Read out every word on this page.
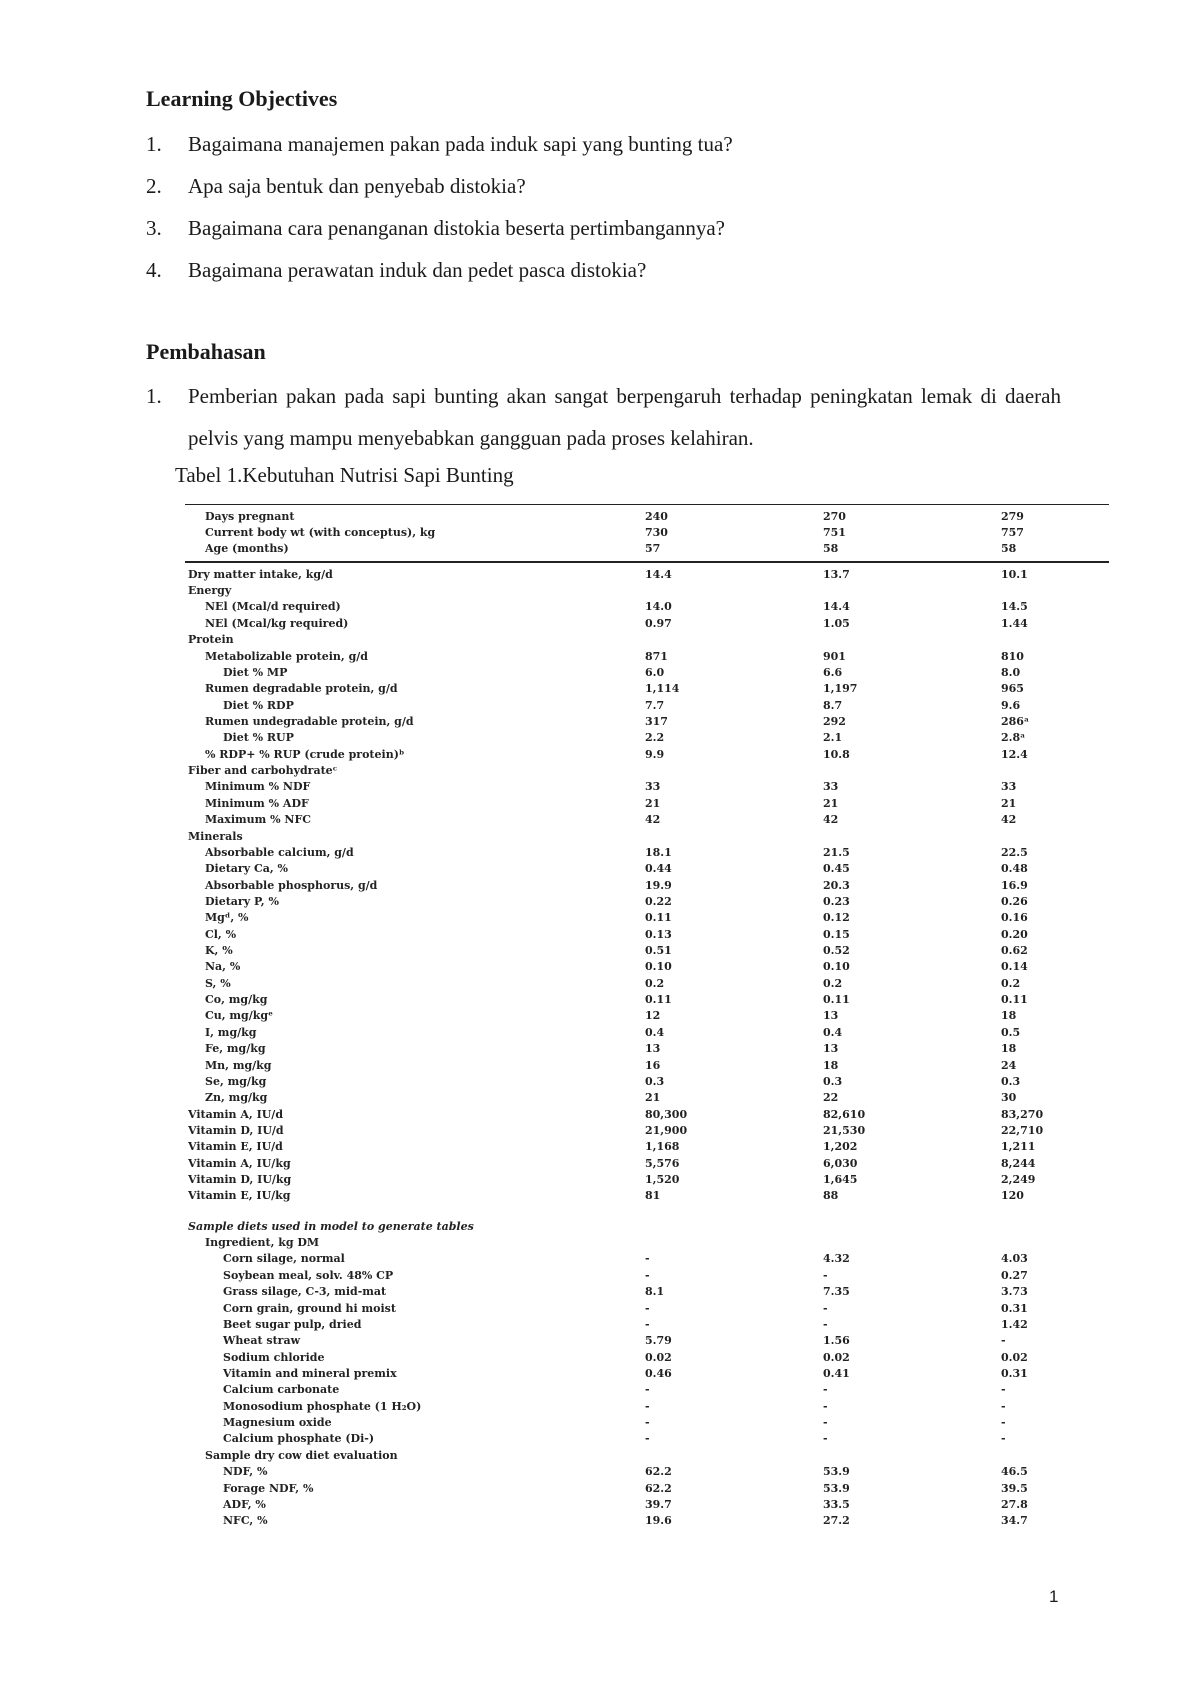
Learning Objectives
1.	Bagaimana manajemen pakan pada induk sapi yang bunting tua?
2.	Apa saja bentuk dan penyebab distokia?
3.	Bagaimana cara penanganan distokia beserta pertimbangannya?
4.	Bagaimana perawatan induk dan pedet pasca distokia?
Pembahasan
1.	Pemberian pakan pada sapi bunting akan sangat berpengaruh terhadap peningkatan lemak di daerah pelvis yang mampu menyebabkan gangguan pada proses kelahiran.
Tabel 1.Kebutuhan Nutrisi Sapi Bunting
Days pregnant	240	270	279
Current body wt (with conceptus), kg	730	751	757
Age (months)	57	58	58
Dry matter intake, kg/d	14.4	13.7	10.1
Energy			
NEl (Mcal/d required)	14.0	14.4	14.5
NEl (Mcal/kg required)	0.97	1.05	1.44
Protein			
Metabolizable protein, g/d	871	901	810
Diet % MP	6.0	6.6	8.0
Rumen degradable protein, g/d	1,114	1,197	965
Diet % RDP	7.7	8.7	9.6
Rumen undegradable protein, g/d	317	292	286ᵃ
Diet % RUP	2.2	2.1	2.8ᵃ
% RDP+ % RUP (crude protein)ᵇ	9.9	10.8	12.4
Fiber and carbohydrateᶜ			
Minimum % NDF	33	33	33
Minimum % ADF	21	21	21
Maximum % NFC	42	42	42
Minerals			
Absorbable calcium, g/d	18.1	21.5	22.5
Dietary Ca, %	0.44	0.45	0.48
Absorbable phosphorus, g/d	19.9	20.3	16.9
Dietary P, %	0.22	0.23	0.26
Mgᵈ, %	0.11	0.12	0.16
Cl, %	0.13	0.15	0.20
K, %	0.51	0.52	0.62
Na, %	0.10	0.10	0.14
S, %	0.2	0.2	0.2
Co, mg/kg	0.11	0.11	0.11
Cu, mg/kgᵉ	12	13	18
I, mg/kg	0.4	0.4	0.5
Fe, mg/kg	13	13	18
Mn, mg/kg	16	18	24
Se, mg/kg	0.3	0.3	0.3
Zn, mg/kg	21	22	30
Vitamin A, IU/d	80,300	82,610	83,270
Vitamin D, IU/d	21,900	21,530	22,710
Vitamin E, IU/d	1,168	1,202	1,211
Vitamin A, IU/kg	5,576	6,030	8,244
Vitamin D, IU/kg	1,520	1,645	2,249
Vitamin E, IU/kg	81	88	120

Sample diets used in model to generate tables			
Ingredient, kg DM			
Corn silage, normal	-	4.32	4.03
Soybean meal, solv. 48% CP	-	-	0.27
Grass silage, C-3, mid-mat	8.1	7.35	3.73
Corn grain, ground hi moist	-	-	0.31
Beet sugar pulp, dried	-	-	1.42
Wheat straw	5.79	1.56	-
Sodium chloride	0.02	0.02	0.02
Vitamin and mineral premix	0.46	0.41	0.31
Calcium carbonate	-	-	-
Monosodium phosphate (1 H₂O)	-	-	-
Magnesium oxide	-	-	-
Calcium phosphate (Di-)	-	-	-
Sample dry cow diet evaluation			
NDF, %	62.2	53.9	46.5
Forage NDF, %	62.2	53.9	39.5
ADF, %	39.7	33.5	27.8
NFC, %	19.6	27.2	34.7
1
